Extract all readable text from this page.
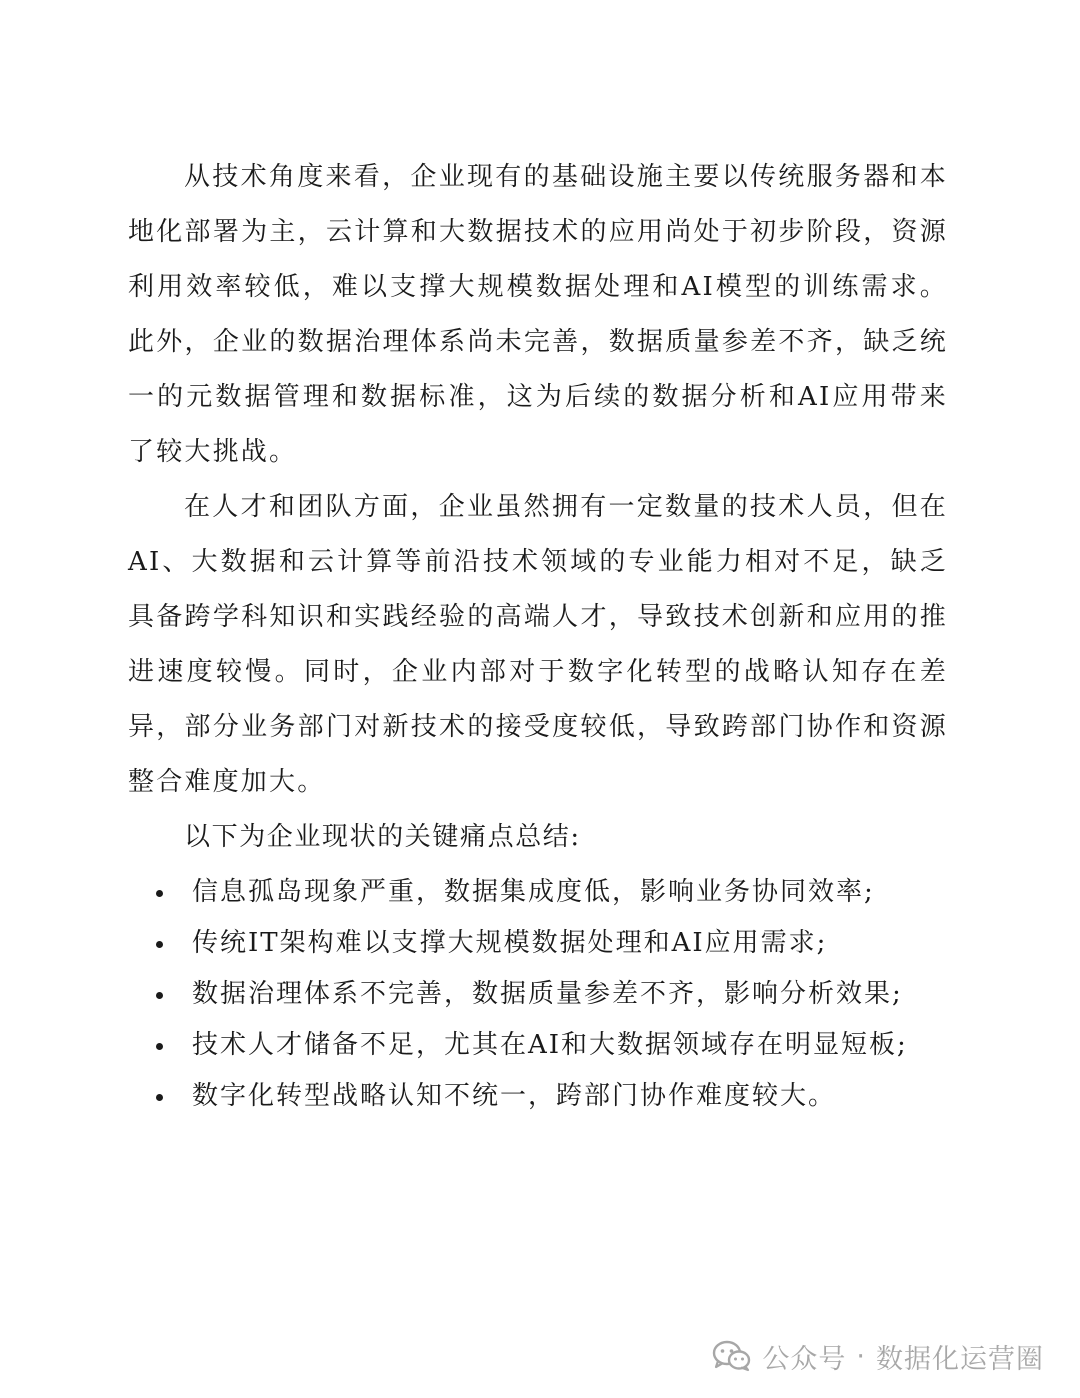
从技术角度来看，企业现有的基础设施主要以传统服务器和本地化部署为主，云计算和大数据技术的应用尚处于初步阶段，资源利用效率较低，难以支撑大规模数据处理和AI模型的训练需求。此外，企业的数据治理体系尚未完善，数据质量参差不齐，缺乏统一的元数据管理和数据标准，这为后续的数据分析和AI应用带来了较大挑战。

在人才和团队方面，企业虽然拥有一定数量的技术人员，但在AI、大数据和云计算等前沿技术领域的专业能力相对不足，缺乏具备跨学科知识和实践经验的高端人才，导致技术创新和应用的推进速度较慢。同时，企业内部对于数字化转型的战略认知存在差异，部分业务部门对新技术的接受度较低，导致跨部门协作和资源整合难度加大。

以下为企业现状的关键痛点总结:

信息孤岛现象严重，数据集成度低，影响业务协同效率;
传统IT架构难以支撑大规模数据处理和AI应用需求;
数据治理体系不完善，数据质量参差不齐，影响分析效果;
技术人才储备不足，尤其在AI和大数据领域存在明显短板;
数字化转型战略认知不统一，跨部门协作难度较大。
公众号 · 数据化运营圈
